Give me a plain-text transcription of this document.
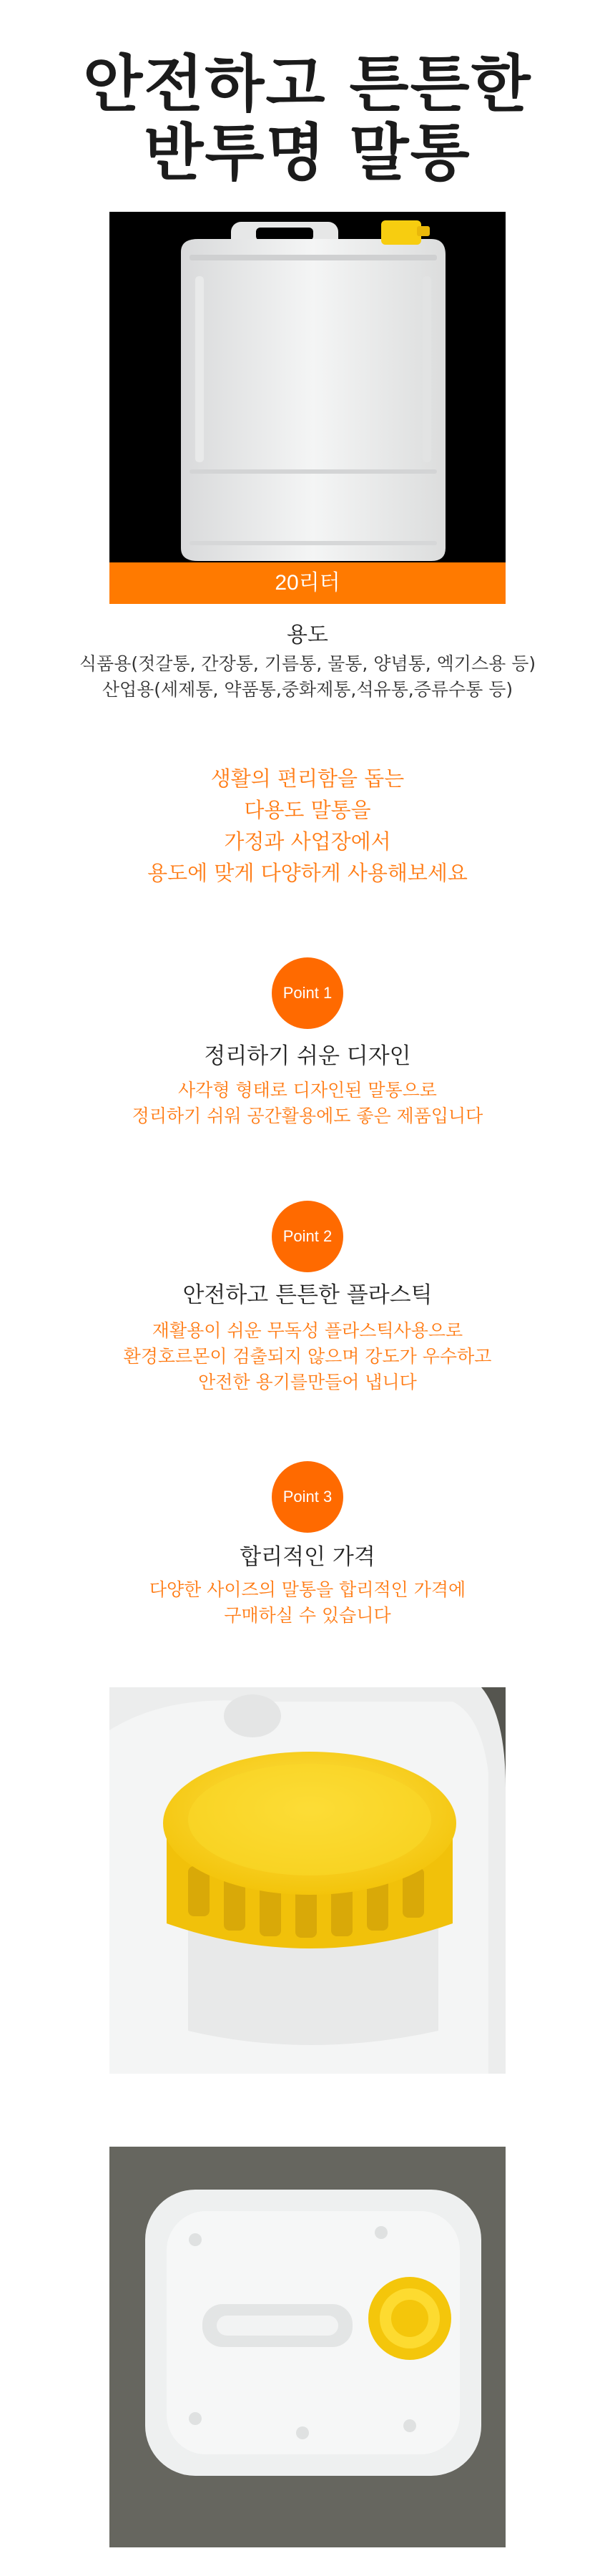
안전하고 튼튼한
반투명 말통
20리터
용도
식품용(젓갈통, 간장통, 기름통, 물통, 양념통, 엑기스용 등)
산업용(세제통, 약품통,중화제통,석유통,증류수통 등)
생활의 편리함을 돕는
다용도 말통을
가정과 사업장에서
용도에 맞게 다양하게 사용해보세요
Point 1
정리하기 쉬운 디자인
사각형 형태로 디자인된 말통으로
정리하기 쉬워 공간활용에도 좋은 제품입니다
Point 2
안전하고 튼튼한 플라스틱
재활용이 쉬운 무독성 플라스틱사용으로
환경호르몬이 검출되지 않으며 강도가 우수하고
안전한 용기를만들어 냅니다
Point 3
합리적인 가격
다양한 사이즈의 말통을 합리적인 가격에
구매하실 수 있습니다
